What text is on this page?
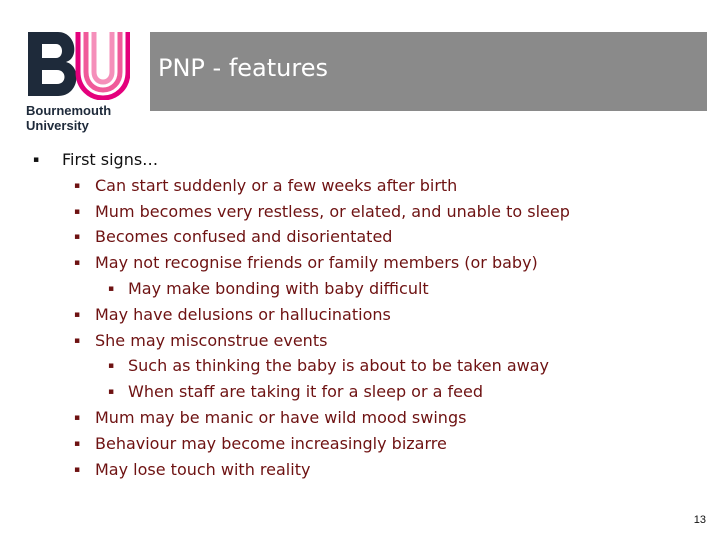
Bournemouth
University
PNP - features
▪ First signs…
▪ Can start suddenly or a few weeks after birth
▪ Mum becomes very restless, or elated, and unable to sleep
▪ Becomes confused and disorientated
▪ May not recognise friends or family members (or baby)
▪ May make bonding with baby difficult
▪ May have delusions or hallucinations
▪ She may misconstrue events
▪ Such as thinking the baby is about to be taken away
▪ When staff are taking it for a sleep or a feed
▪ Mum may be manic or have wild mood swings
▪ Behaviour may become increasingly bizarre
▪ May lose touch with reality
13
